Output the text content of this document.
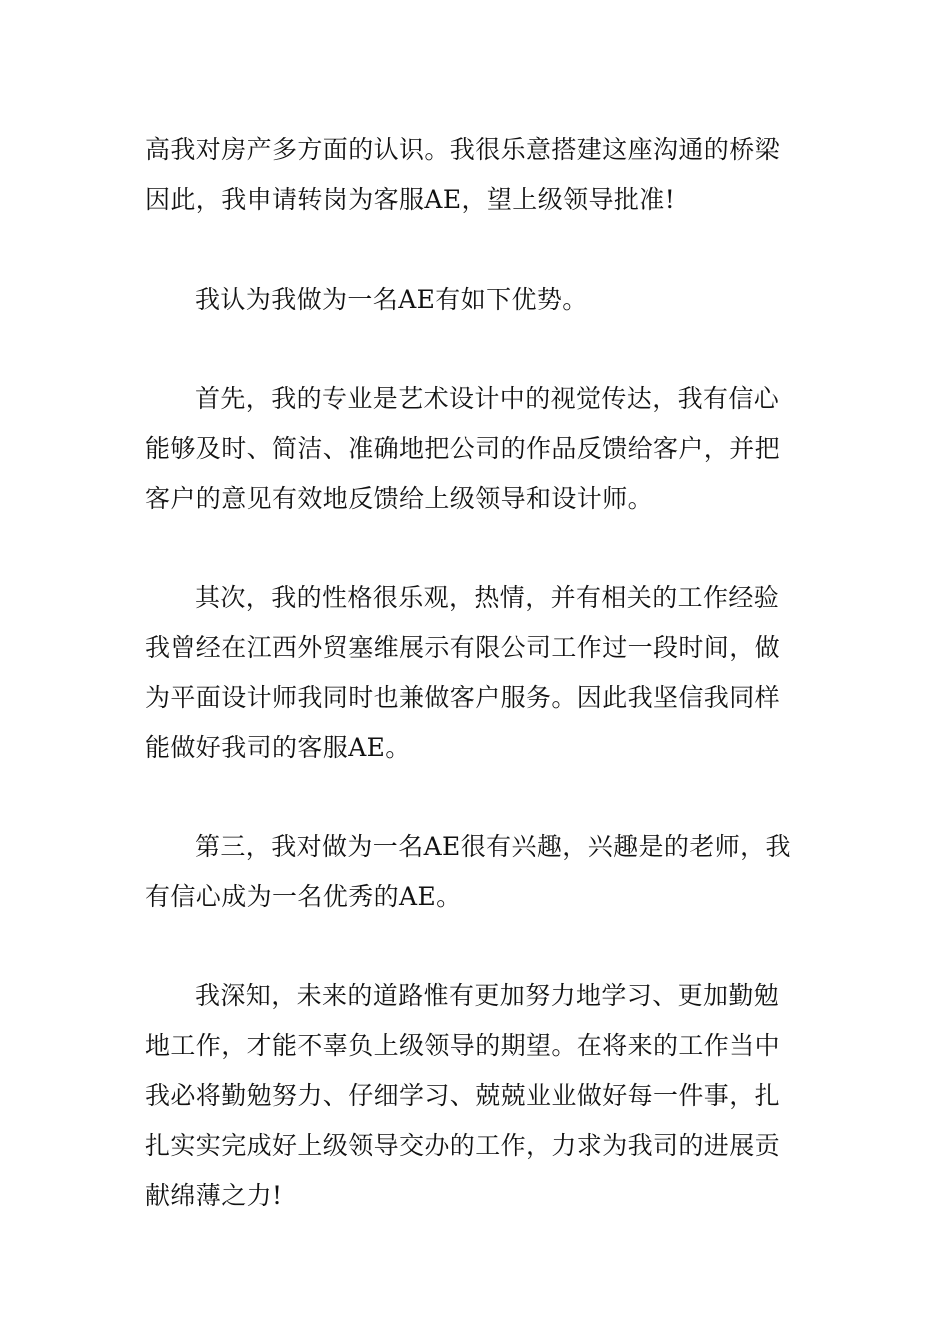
高我对房产多方面的认识。我很乐意搭建这座沟通的桥梁
因此，我申请转岗为客服AE，望上级领导批准!
我认为我做为一名AE有如下优势。
首先，我的专业是艺术设计中的视觉传达，我有信心
能够及时、简洁、准确地把公司的作品反馈给客户，并把
客户的意见有效地反馈给上级领导和设计师。
其次，我的性格很乐观，热情，并有相关的工作经验
我曾经在江西外贸塞维展示有限公司工作过一段时间，做
为平面设计师我同时也兼做客户服务。因此我坚信我同样
能做好我司的客服AE。
第三，我对做为一名AE很有兴趣，兴趣是的老师，我
有信心成为一名优秀的AE。
我深知，未来的道路惟有更加努力地学习、更加勤勉
地工作，才能不辜负上级领导的期望。在将来的工作当中
我必将勤勉努力、仔细学习、兢兢业业做好每一件事，扎
扎实实完成好上级领导交办的工作，力求为我司的进展贡
献绵薄之力!
